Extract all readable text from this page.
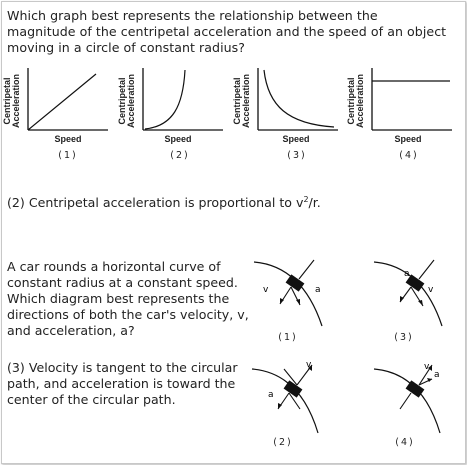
Which graph best represents the relationship between the magnitude of the centripetal acceleration and the speed of an object moving in a circle of constant radius?
Centripetal Acceleration
Speed
(1)
Centripetal Acceleration
Speed
(2)
Centripetal Acceleration
Speed
(3)
Centripetal Acceleration
Speed
(4)
(2) Centripetal acceleration is proportional to $v^2/r$.
A car rounds a horizontal curve of constant radius at a constant speed. Which diagram best represents the directions of both the car's velocity, v, and acceleration, a?
v	a
(1)
a
v
(3)
v
a
(2)
v
a
(4)
(3) Velocity is tangent to the circular path, and acceleration is toward the center of the circular path.
